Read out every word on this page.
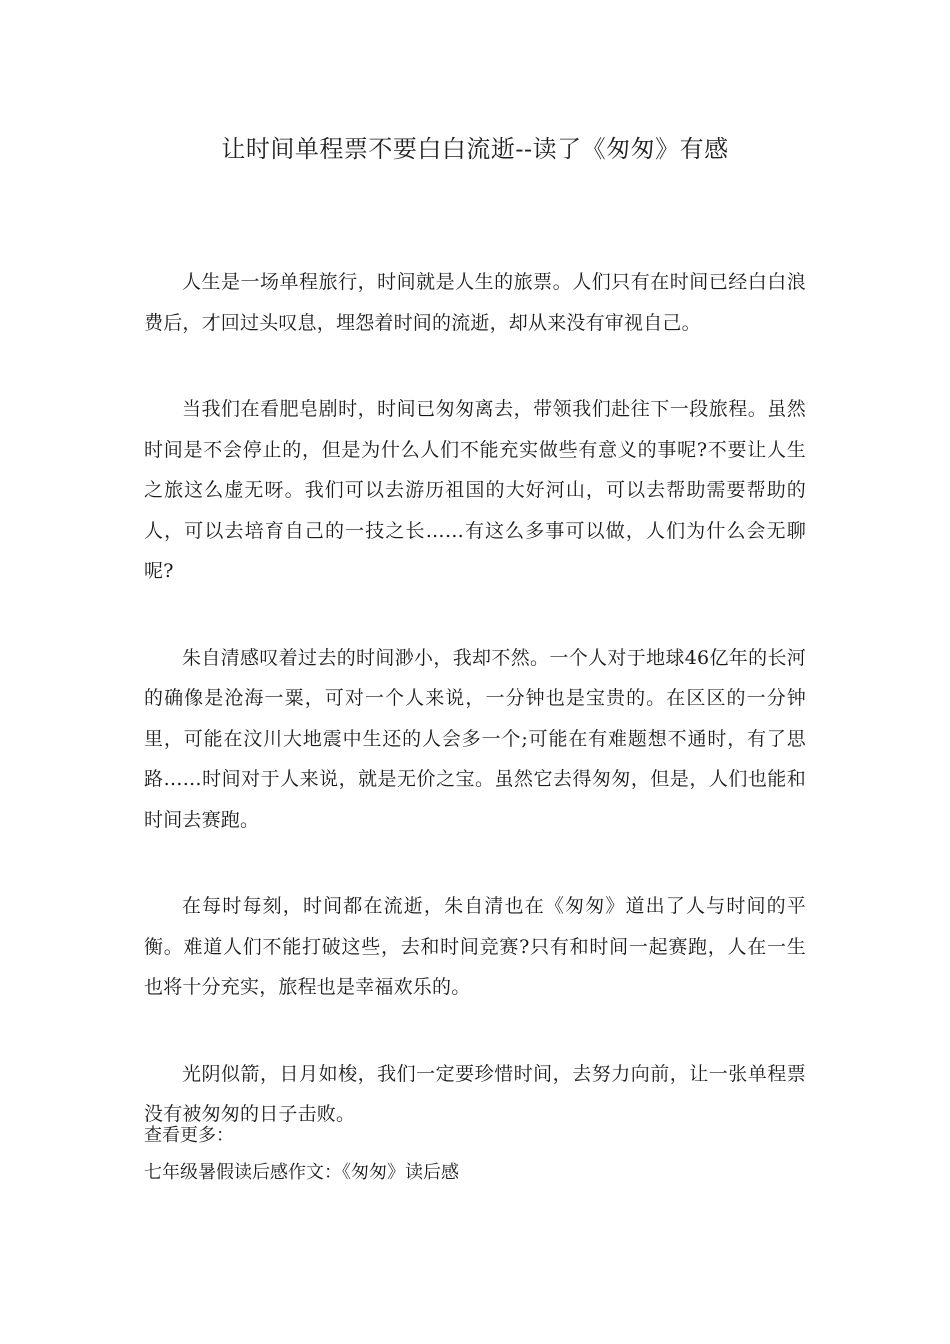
让时间单程票不要白白流逝--读了《匆匆》有感

人生是一场单程旅行，时间就是人生的旅票。人们只有在时间已经白白浪费后，才回过头叹息，埋怨着时间的流逝，却从来没有审视自己。

当我们在看肥皂剧时，时间已匆匆离去，带领我们赴往下一段旅程。虽然时间是不会停止的，但是为什么人们不能充实做些有意义的事呢?不要让人生之旅这么虚无呀。我们可以去游历祖国的大好河山，可以去帮助需要帮助的人，可以去培育自己的一技之长……有这么多事可以做，人们为什么会无聊呢?

朱自清感叹着过去的时间渺小，我却不然。一个人对于地球46亿年的长河的确像是沧海一粟，可对一个人来说，一分钟也是宝贵的。在区区的一分钟里，可能在汶川大地震中生还的人会多一个;可能在有难题想不通时，有了思路……时间对于人来说，就是无价之宝。虽然它去得匆匆，但是，人们也能和时间去赛跑。

在每时每刻，时间都在流逝，朱自清也在《匆匆》道出了人与时间的平衡。难道人们不能打破这些，去和时间竞赛?只有和时间一起赛跑，人在一生也将十分充实，旅程也是幸福欢乐的。

光阴似箭，日月如梭，我们一定要珍惜时间，去努力向前，让一张单程票没有被匆匆的日子击败。

查看更多：
七年级暑假读后感作文：《匆匆》读后感
